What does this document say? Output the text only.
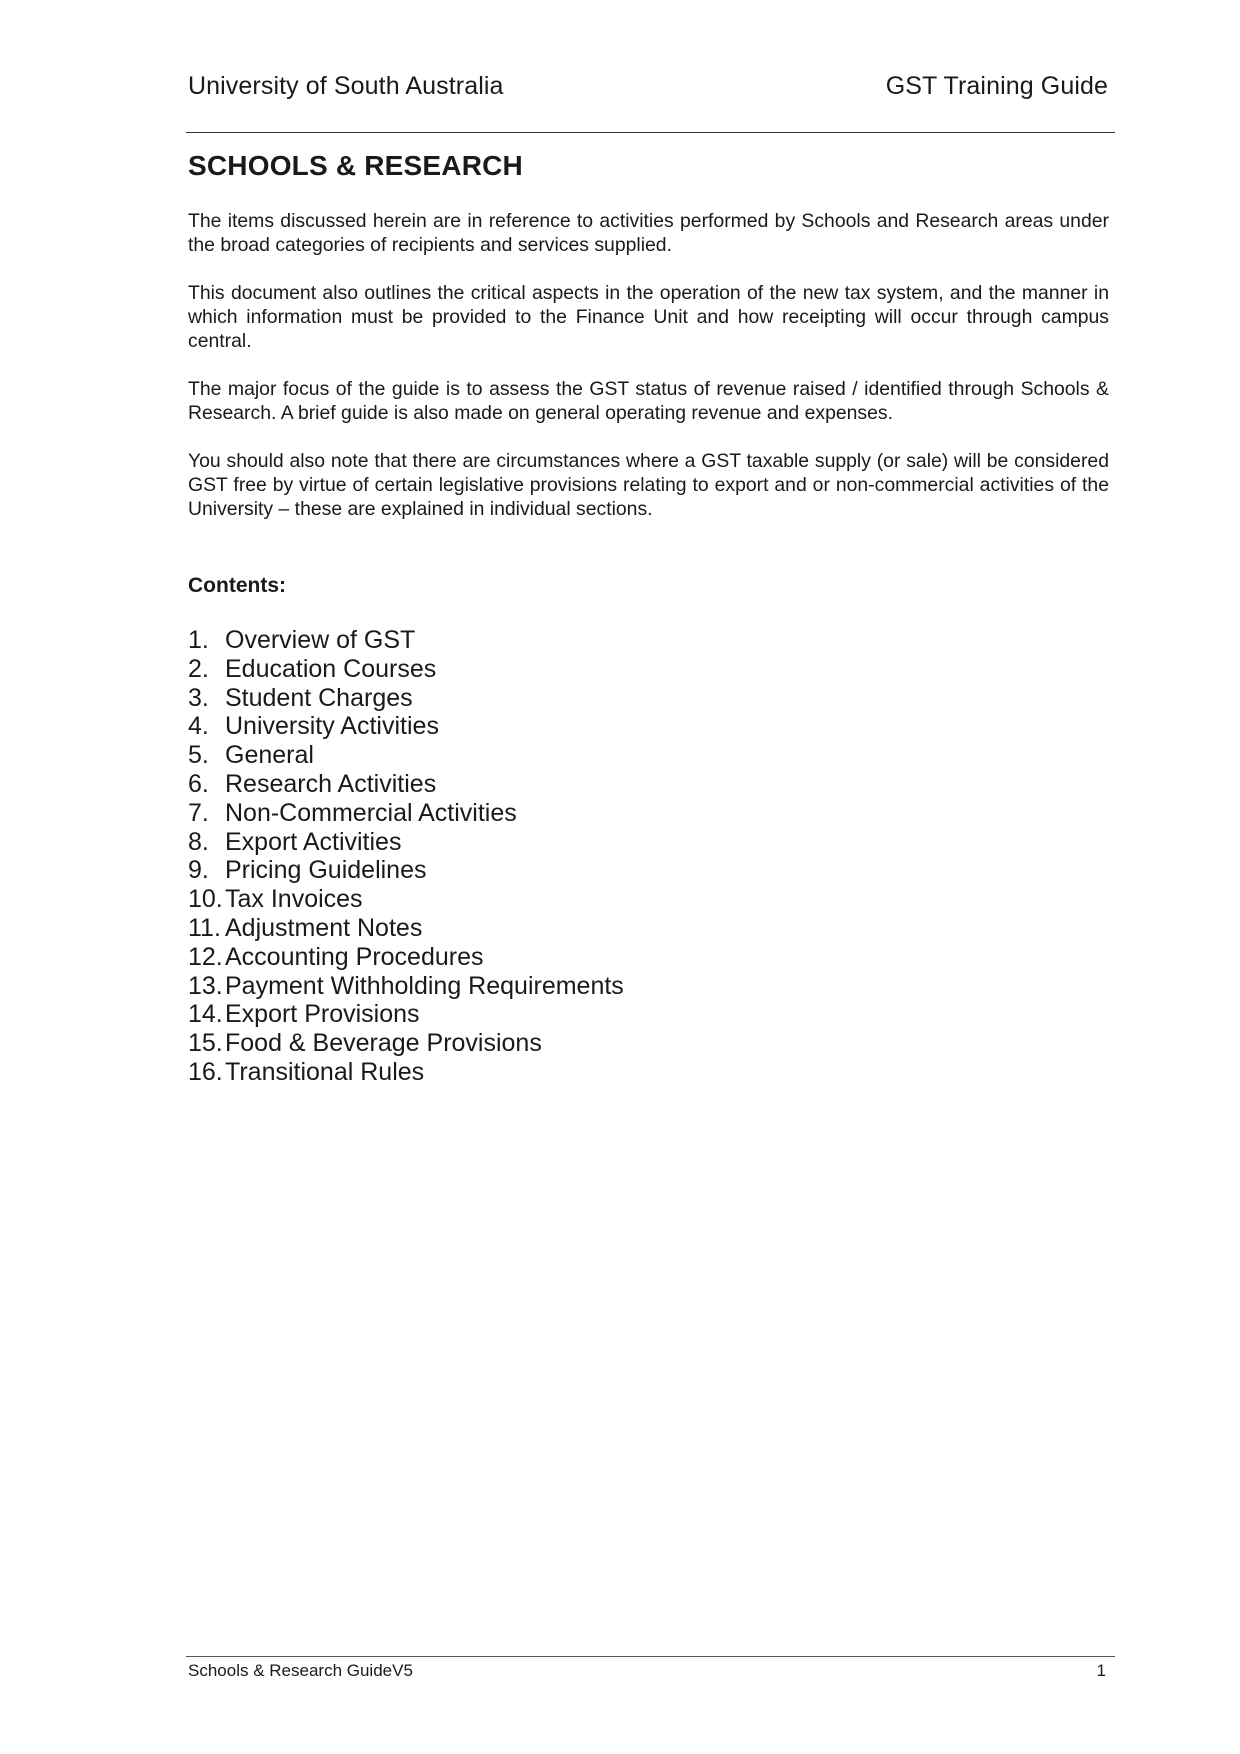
University of South Australia	GST Training Guide
SCHOOLS & RESEARCH

The items discussed herein are in reference to activities performed by Schools and Research areas under the broad categories of recipients and services supplied.

This document also outlines the critical aspects in the operation of the new tax system, and the manner in which information must be provided to the Finance Unit and how receipting will occur through campus central.

The major focus of the guide is to assess the GST status of revenue raised / identified through Schools & Research. A brief guide is also made on general operating revenue and expenses.

You should also note that there are circumstances where a GST taxable supply (or sale) will be considered GST free by virtue of certain legislative provisions relating to export and or non-commercial activities of the University – these are explained in individual sections.

Contents:
1. Overview of GST
2. Education Courses
3. Student Charges
4. University Activities
5. General
6. Research Activities
7. Non-Commercial Activities
8. Export Activities
9. Pricing Guidelines
10. Tax Invoices
11. Adjustment Notes
12. Accounting Procedures
13. Payment Withholding Requirements
14. Export Provisions
15. Food & Beverage Provisions
16. Transitional Rules
Schools & Research GuideV5	1
